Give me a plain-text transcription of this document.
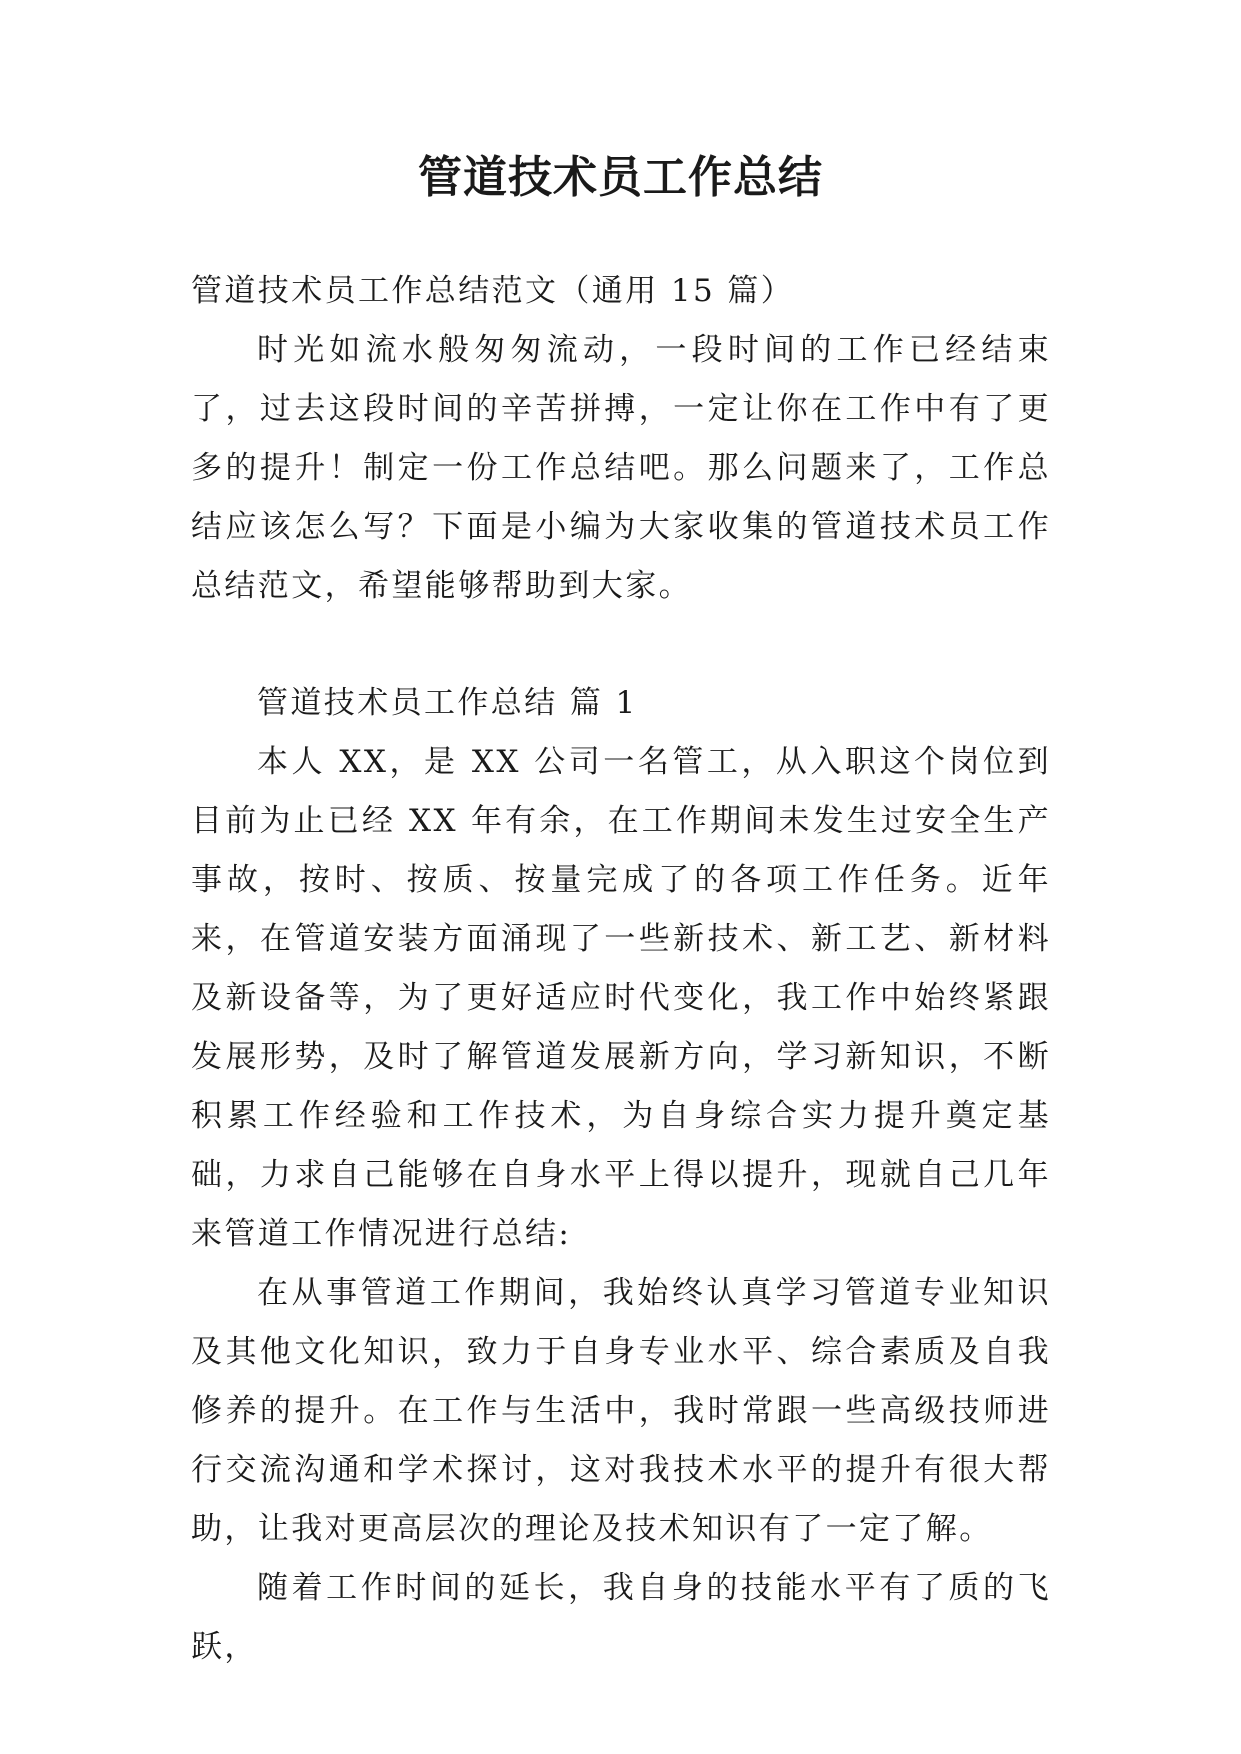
管道技术员工作总结

管道技术员工作总结范文（通用 15 篇）

时光如流水般匆匆流动，一段时间的工作已经结束了，过去这段时间的辛苦拼搏，一定让你在工作中有了更多的提升！制定一份工作总结吧。那么问题来了，工作总结应该怎么写？下面是小编为大家收集的管道技术员工作总结范文，希望能够帮助到大家。

管道技术员工作总结 篇 1

本人 XX，是 XX 公司一名管工，从入职这个岗位到目前为止已经 XX 年有余，在工作期间未发生过安全生产事故，按时、按质、按量完成了的各项工作任务。近年来，在管道安装方面涌现了一些新技术、新工艺、新材料及新设备等，为了更好适应时代变化，我工作中始终紧跟发展形势，及时了解管道发展新方向，学习新知识，不断积累工作经验和工作技术，为自身综合实力提升奠定基础，力求自己能够在自身水平上得以提升，现就自己几年来管道工作情况进行总结:

在从事管道工作期间，我始终认真学习管道专业知识及其他文化知识，致力于自身专业水平、综合素质及自我修养的提升。在工作与生活中，我时常跟一些高级技师进行交流沟通和学术探讨，这对我技术水平的提升有很大帮助，让我对更高层次的理论及技术知识有了一定了解。

随着工作时间的延长，我自身的技能水平有了质的飞跃，
